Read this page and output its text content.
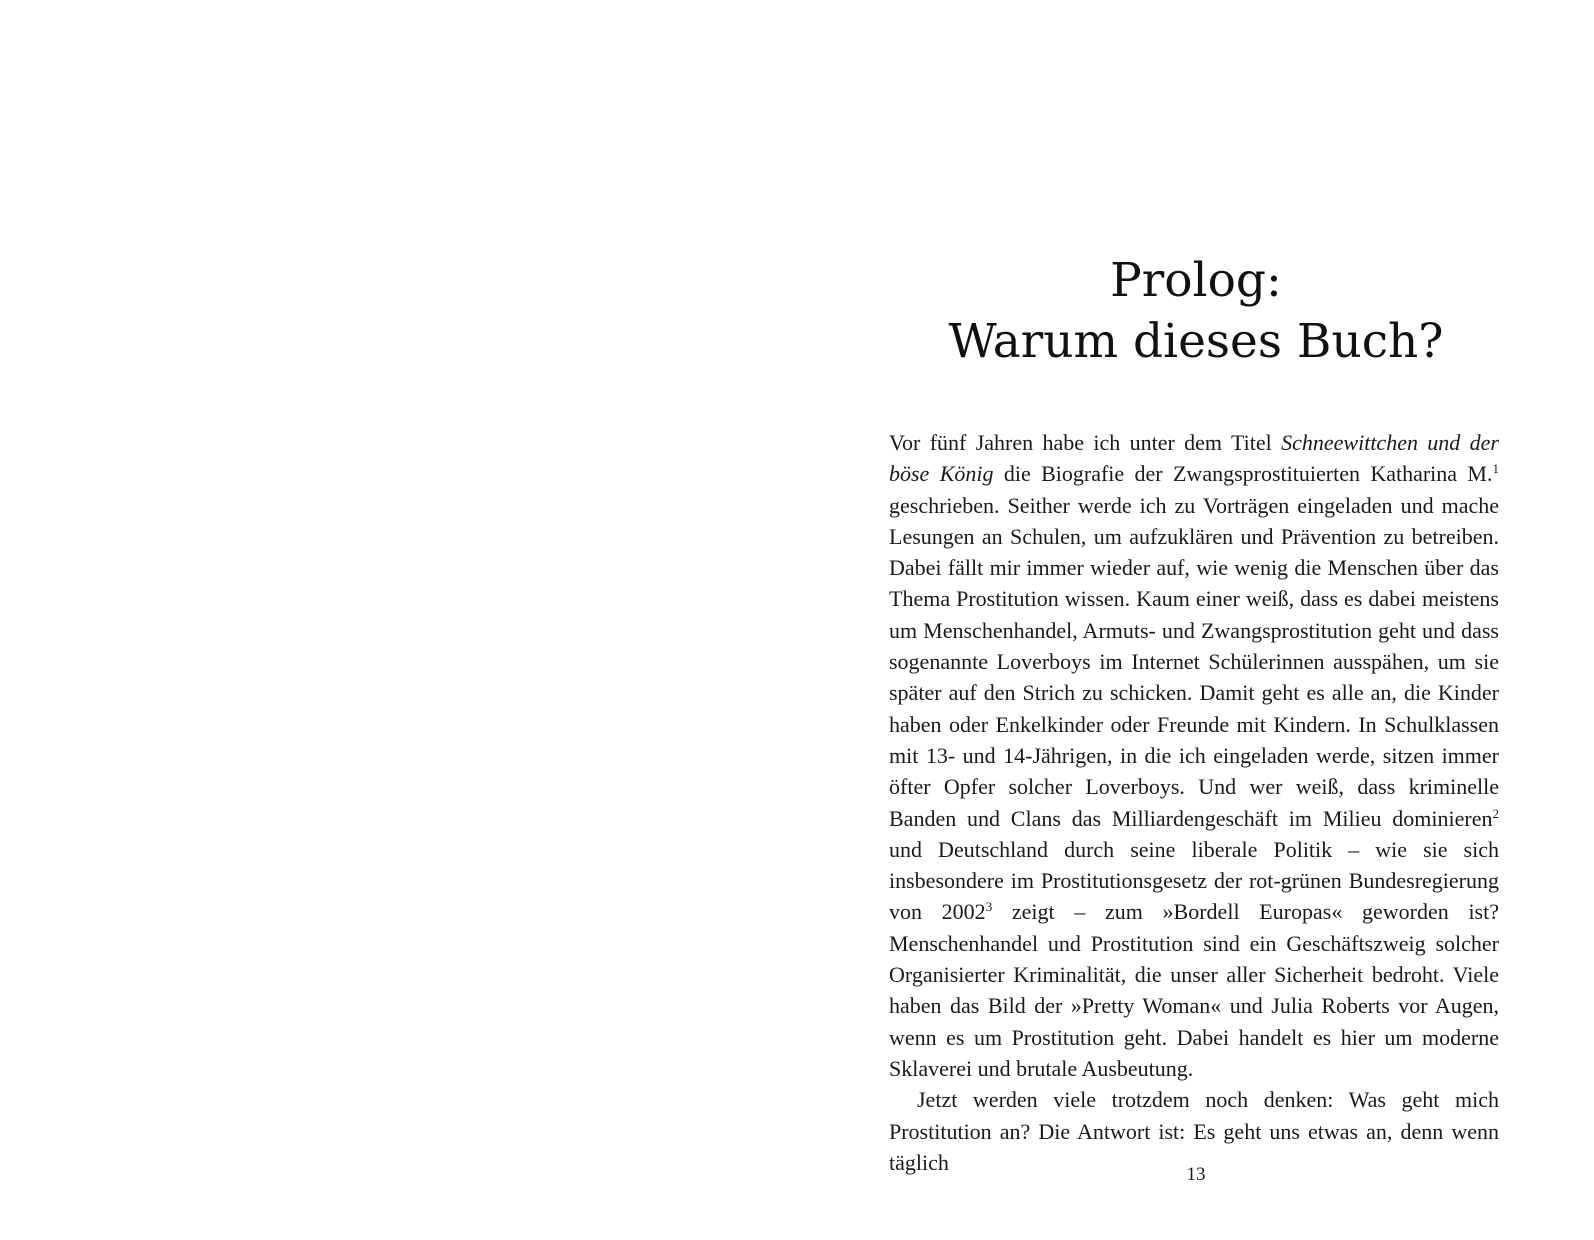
Prolog:
Warum dieses Buch?

Vor fünf Jahren habe ich unter dem Titel Schneewittchen und der böse König die Biografie der Zwangsprostituierten Katharina M.$^1$ geschrieben. Seither werde ich zu Vorträgen eingeladen und mache Lesungen an Schulen, um aufzuklären und Prävention zu betreiben. Dabei fällt mir immer wieder auf, wie wenig die Menschen über das Thema Prostitution wissen. Kaum einer weiß, dass es dabei meistens um Menschenhandel, Armuts- und Zwangsprostitution geht und dass sogenannte Loverboys im Internet Schülerinnen ausspähen, um sie später auf den Strich zu schicken. Damit geht es alle an, die Kinder haben oder Enkelkinder oder Freunde mit Kindern. In Schulklassen mit 13- und 14-Jährigen, in die ich eingeladen werde, sitzen immer öfter Opfer solcher Loverboys. Und wer weiß, dass kriminelle Banden und Clans das Milliardengeschäft im Milieu dominieren$^2$ und Deutschland durch seine liberale Politik – wie sie sich insbesondere im Prostitutionsgesetz der rot-grünen Bundesregierung von 2002$^3$ zeigt – zum »Bordell Europas« geworden ist? Menschenhandel und Prostitution sind ein Geschäftszweig solcher Organisierter Kriminalität, die unser aller Sicherheit bedroht. Viele haben das Bild der »Pretty Woman« und Julia Roberts vor Augen, wenn es um Prostitution geht. Dabei handelt es hier um moderne Sklaverei und brutale Ausbeutung.

Jetzt werden viele trotzdem noch denken: Was geht mich Prostitution an? Die Antwort ist: Es geht uns etwas an, denn wenn täglich	13
